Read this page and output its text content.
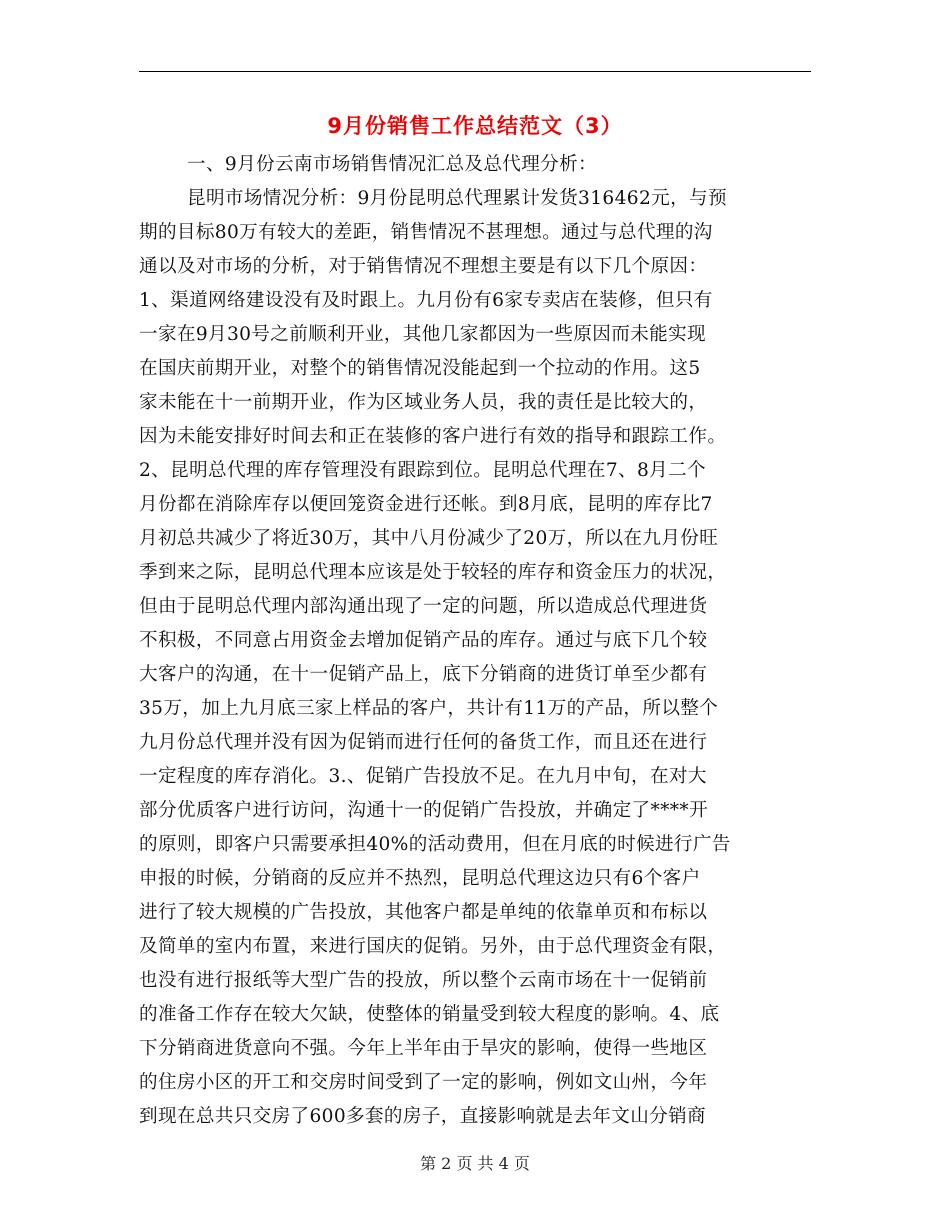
9月份销售工作总结范文（3）
一、9月份云南市场销售情况汇总及总代理分析：
昆明市场情况分析：9月份昆明总代理累计发货316462元，与预
期的目标80万有较大的差距，销售情况不甚理想。通过与总代理的沟
通以及对市场的分析，对于销售情况不理想主要是有以下几个原因：
1、渠道网络建设没有及时跟上。九月份有6家专卖店在装修，但只有
一家在9月30号之前顺利开业，其他几家都因为一些原因而未能实现
在国庆前期开业，对整个的销售情况没能起到一个拉动的作用。这5
家未能在十一前期开业，作为区域业务人员，我的责任是比较大的，
因为未能安排好时间去和正在装修的客户进行有效的指导和跟踪工作。
2、昆明总代理的库存管理没有跟踪到位。昆明总代理在7、8月二个
月份都在消除库存以便回笼资金进行还帐。到8月底，昆明的库存比7
月初总共减少了将近30万，其中八月份减少了20万，所以在九月份旺
季到来之际，昆明总代理本应该是处于较轻的库存和资金压力的状况，
但由于昆明总代理内部沟通出现了一定的问题，所以造成总代理进货
不积极，不同意占用资金去增加促销产品的库存。通过与底下几个较
大客户的沟通，在十一促销产品上，底下分销商的进货订单至少都有
35万，加上九月底三家上样品的客户，共计有11万的产品，所以整个
九月份总代理并没有因为促销而进行任何的备货工作，而且还在进行
一定程度的库存消化。3.、促销广告投放不足。在九月中旬，在对大
部分优质客户进行访问，沟通十一的促销广告投放，并确定了****开
的原则，即客户只需要承担40%的活动费用，但在月底的时候进行广告
申报的时候，分销商的反应并不热烈，昆明总代理这边只有6个客户
进行了较大规模的广告投放，其他客户都是单纯的依靠单页和布标以
及简单的室内布置，来进行国庆的促销。另外，由于总代理资金有限，
也没有进行报纸等大型广告的投放，所以整个云南市场在十一促销前
的准备工作存在较大欠缺，使整体的销量受到较大程度的影响。4、底
下分销商进货意向不强。今年上半年由于旱灾的影响，使得一些地区
的住房小区的开工和交房时间受到了一定的影响，例如文山州，今年
到现在总共只交房了600多套的房子，直接影响就是去年文山分销商
第 2 页 共 4 页
